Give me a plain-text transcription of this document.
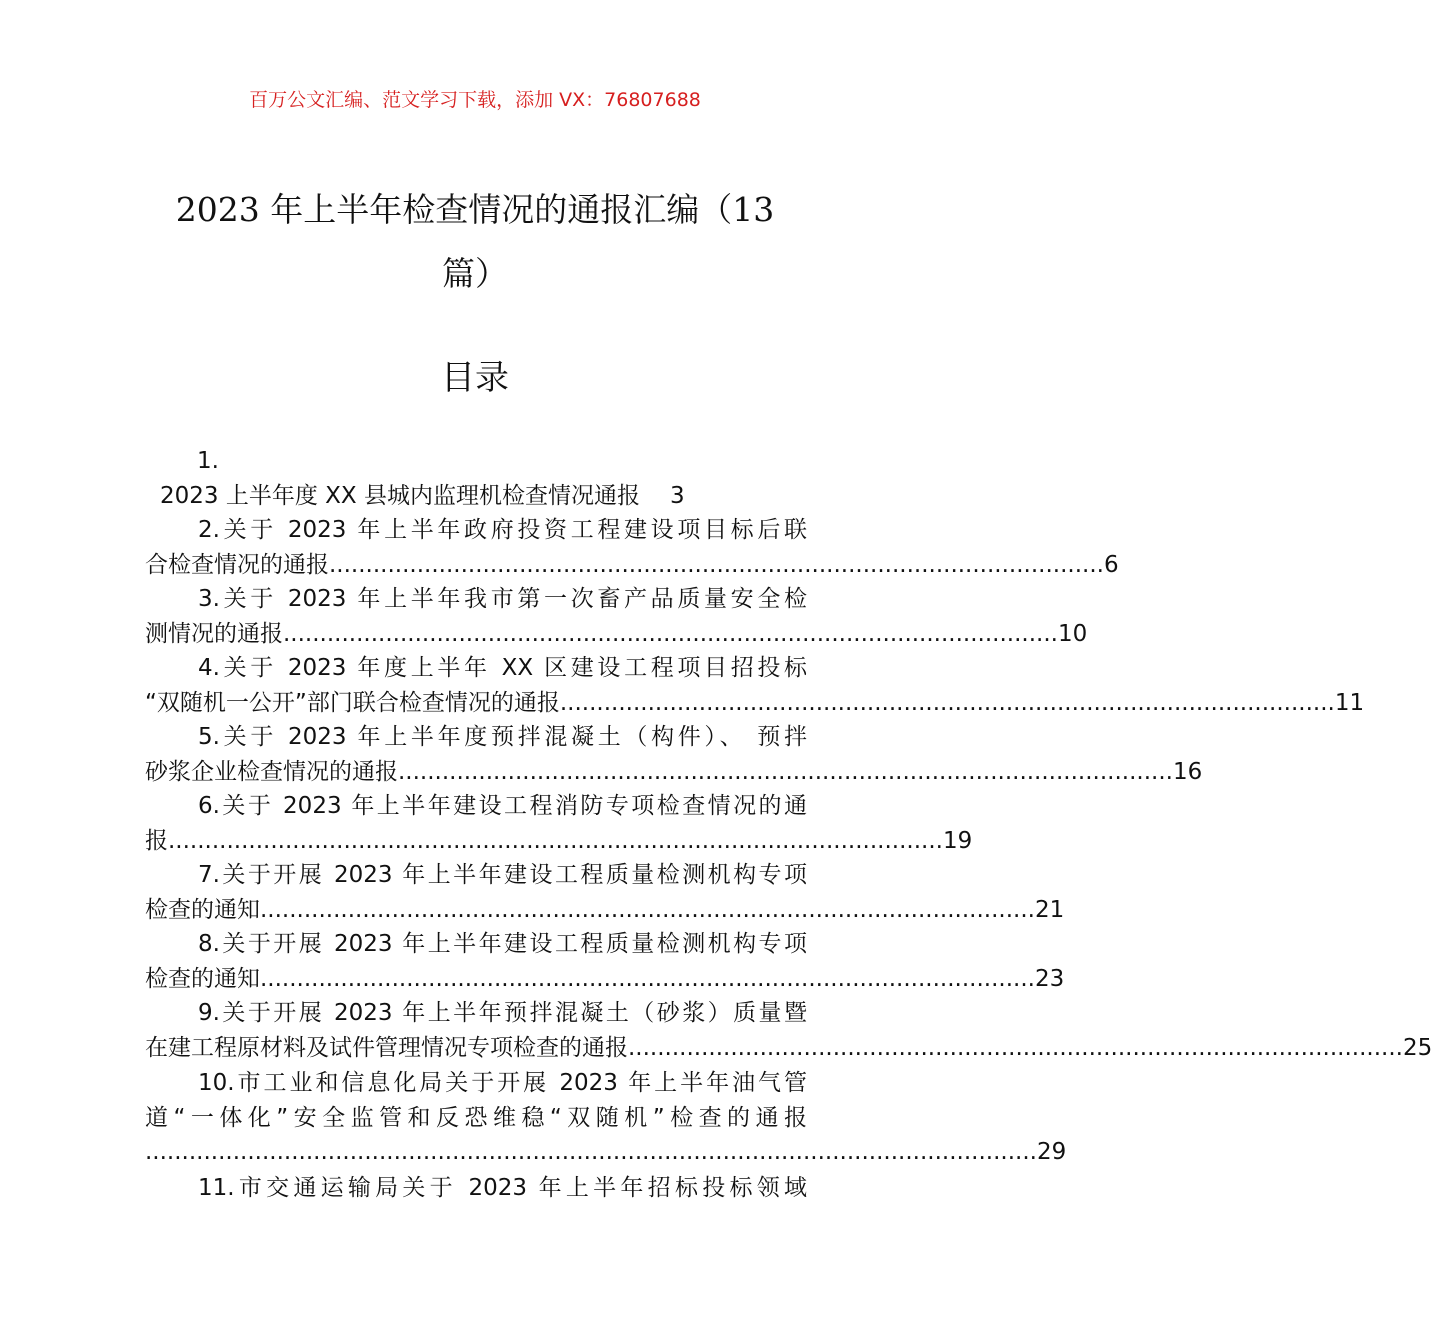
百万公文汇编、范文学习下载，添加 VX：76807688
2023 年上半年检查情况的通报汇编（13
篇）
目录
1.
2023 上半年度 XX 县城内监理机检查情况通报 3
2.关于 2023 年上半年政府投资工程建设项目标后联
合检查情况的通报 .......................................................................................................... 6
3.关于 2023 年上半年我市第一次畜产品质量安全检
测情况的通报 .......................................................................................................... 10
4.关于 2023 年度上半年 XX 区建设工程项目招投标
“双随机一公开”部门联合检查情况的通报 .......................................................................................................... 11
5.关于 2023 年上半年度预拌混凝土（构件）、 预拌
砂浆企业检查情况的通报 .......................................................................................................... 16
6.关于 2023 年上半年建设工程消防专项检查情况的通
报 .......................................................................................................... 19
7.关于开展 2023 年上半年建设工程质量检测机构专项
检查的通知 .......................................................................................................... 21
8.关于开展 2023 年上半年建设工程质量检测机构专项
检查的通知 .......................................................................................................... 23
9.关于开展 2023 年上半年预拌混凝土（砂浆）质量暨
在建工程原材料及试件管理情况专项检查的通报 .......................................................................................................... 25
10.市工业和信息化局关于开展 2023 年上半年油气管
道“一体化”安全监管和反恐维稳“双随机”检查的通报
.......................................................................................................................... 29
11.市交通运输局关于 2023 年上半年招标投标领域
